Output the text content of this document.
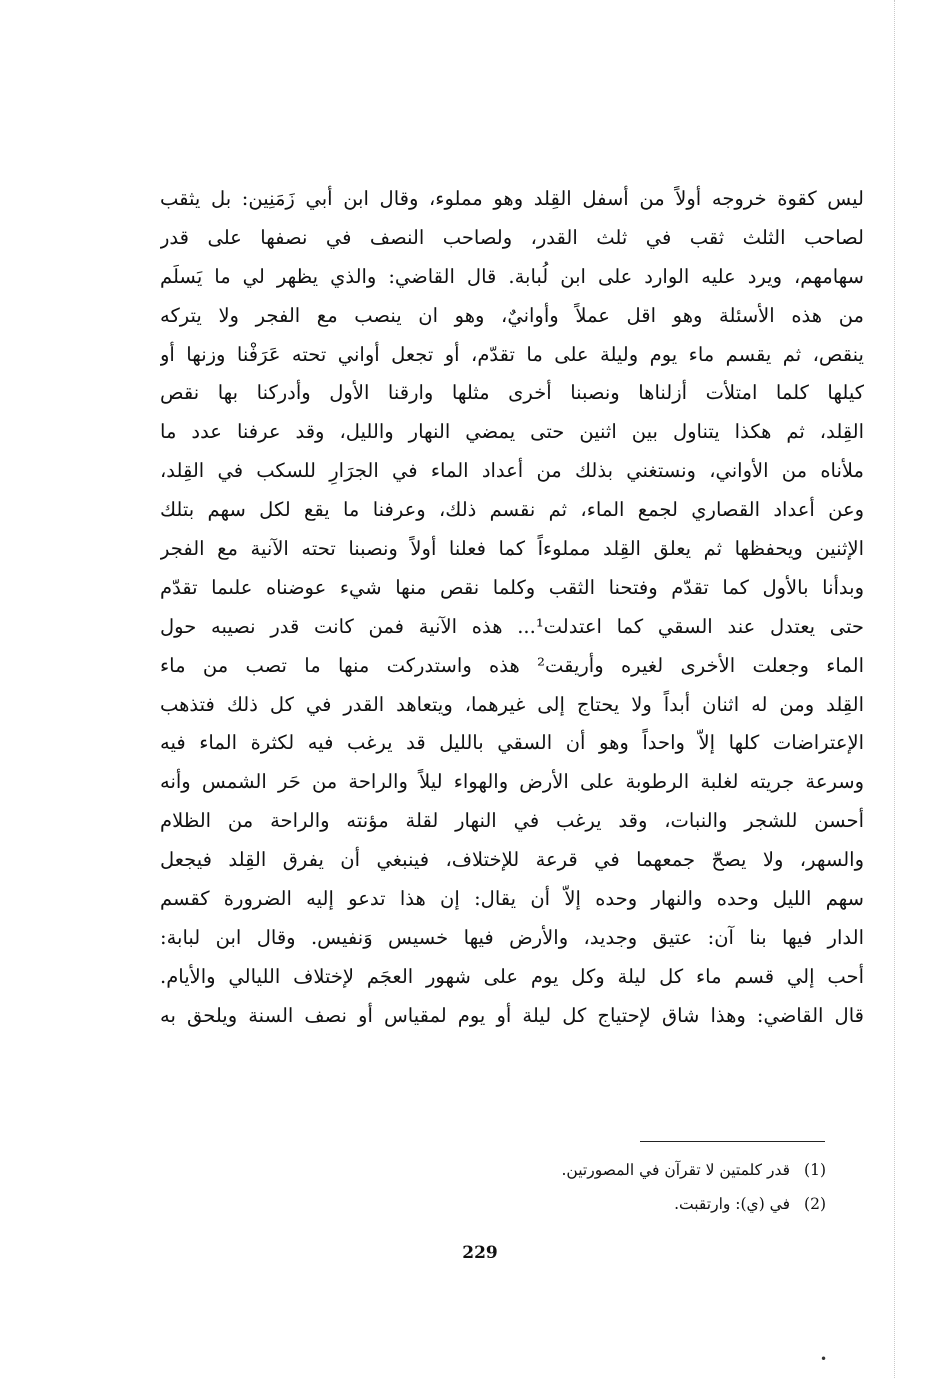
ليس كقوة خروجه أولاً من أسفل القِلد وهو مملوء، وقال ابن أبي زَمَنِين: بل يثقب
لصاحب الثلث ثقب في ثلث القدر، ولصاحب النصف في نصفها على قدر
سهامهم، ويرد عليه الوارد على ابن لُبابة. قال القاضي: والذي يظهر لي ما يَسلَم
من هذه الأسئلة وهو اقل عملاً وأوانيٌ، وهو ان ينصب مع الفجر ولا يتركه
ينقص، ثم يقسم ماء يوم وليلة على ما تقدّم، أو تجعل أواني تحته عَرَفْنا وزنها أو
كيلها كلما امتلأت أزلناها ونصبنا أخرى مثلها وارقنا الأول وأدركنا بها نقص
القِلد، ثم هكذا يتناول بين اثنين حتى يمضي النهار والليل، وقد عرفنا عدد ما
ملأناه من الأواني، ونستغني بذلك من أعداد الماء في الجرَارِ للسكب في القِلد،
وعن أعداد القصاري لجمع الماء، ثم نقسم ذلك، وعرفنا ما يقع لكل سهم بتلك
الإثنين ويحفظها ثم يعلق القِلد مملوءاً كما فعلنا أولاً ونصبنا تحته الآنية مع الفجر
وبدأنا بالأول كما تقدّم وفتحنا الثقب وكلما نقص منها شيء عوضناه علىما تقدّم
حتى يعتدل عند السقي كما اعتدلت¹... هذه الآنية فمن كانت قدر نصيبه حول
الماء وجعلت الأخرى لغيره وأريقت² هذه واستدركت منها ما تصب من ماء
القِلد ومن له اثنان أبداً ولا يحتاج إلى غيرهما، ويتعاهد القدر في كل ذلك فتذهب
الإعتراضات كلها إلاّ واحداً وهو أن السقي بالليل قد يرغب فيه لكثرة الماء فيه
وسرعة جريته لغلبة الرطوبة على الأرض والهواء ليلاً والراحة من حَر الشمس وأنه
أحسن للشجر والنبات، وقد يرغب في النهار لقلة مؤنته والراحة من الظلام
والسهر، ولا يصحّ جمعهما في قرعة للإختلاف، فينبغي أن يفرق القِلد فيجعل
سهم الليل وحده والنهار وحده إلاّ أن يقال: إن هذا تدعو إليه الضرورة كقسم
الدار فيها بنا آن: عتيق وجديد، والأرض فيها خسيس وَنفيس. وقال ابن لبابة:
أحب إلي قسم ماء كل ليلة وكل يوم على شهور العجَم لإختلاف الليالي والأيام.
قال القاضي: وهذا شاق لإحتياج كل ليلة أو يوم لمقياس أو نصف السنة ويلحق به
(1)قدر كلمتين لا تقرآن في المصورتين.
(2)في (ي): وارتقبت.
229
•
